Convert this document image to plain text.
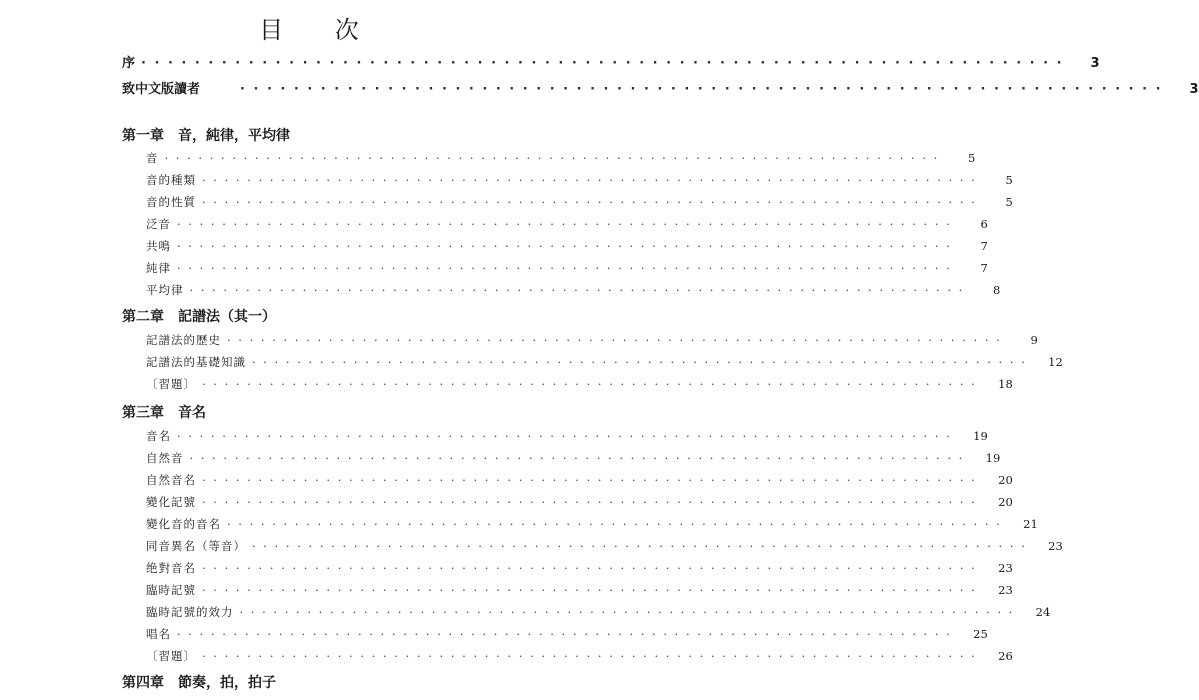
目 次
序 · · · · · · · · · · · · · · · · · · · · · · · · · · · · · · · · · · · · · · · · · · · · · · · · · · · · · · · · · · · · · · · · · · · · ·	3
致中文版讀者	· · · · · · · · · · · · · · · · · · · · · · · · · · · · · · · · · · · · · · · · · · · · · · · · · · · · · · · · · · · · · · · · · · · · ·	3
第一章　音，純律，平均律
音 · · · · · · · · · · · · · · · · · · · · · · · · · · · · · · · · · · · · · · · · · · · · · · · · · · · · · · · · · · · · · · · · · · · · ·	5
音的種類 · · · · · · · · · · · · · · · · · · · · · · · · · · · · · · · · · · · · · · · · · · · · · · · · · · · · · · · · · · · · · · · · · · · · ·	5
音的性質 · · · · · · · · · · · · · · · · · · · · · · · · · · · · · · · · · · · · · · · · · · · · · · · · · · · · · · · · · · · · · · · · · · · · ·	5
泛音 · · · · · · · · · · · · · · · · · · · · · · · · · · · · · · · · · · · · · · · · · · · · · · · · · · · · · · · · · · · · · · · · · · · · ·	6
共鳴 · · · · · · · · · · · · · · · · · · · · · · · · · · · · · · · · · · · · · · · · · · · · · · · · · · · · · · · · · · · · · · · · · · · · ·	7
純律 · · · · · · · · · · · · · · · · · · · · · · · · · · · · · · · · · · · · · · · · · · · · · · · · · · · · · · · · · · · · · · · · · · · · ·	7
平均律 · · · · · · · · · · · · · · · · · · · · · · · · · · · · · · · · · · · · · · · · · · · · · · · · · · · · · · · · · · · · · · · · · · · · ·	8
第二章　記譜法（其一）
記譜法的歷史 · · · · · · · · · · · · · · · · · · · · · · · · · · · · · · · · · · · · · · · · · · · · · · · · · · · · · · · · · · · · · · · · · · · · ·	9
記譜法的基礎知識 · · · · · · · · · · · · · · · · · · · · · · · · · · · · · · · · · · · · · · · · · · · · · · · · · · · · · · · · · · · · · · · · · · · · ·	12
〔習題〕 · · · · · · · · · · · · · · · · · · · · · · · · · · · · · · · · · · · · · · · · · · · · · · · · · · · · · · · · · · · · · · · · · · · · ·	18
第三章　音名
音名 · · · · · · · · · · · · · · · · · · · · · · · · · · · · · · · · · · · · · · · · · · · · · · · · · · · · · · · · · · · · · · · · · · · · ·	19
自然音 · · · · · · · · · · · · · · · · · · · · · · · · · · · · · · · · · · · · · · · · · · · · · · · · · · · · · · · · · · · · · · · · · · · · ·	19
自然音名 · · · · · · · · · · · · · · · · · · · · · · · · · · · · · · · · · · · · · · · · · · · · · · · · · · · · · · · · · · · · · · · · · · · · ·	20
變化記號 · · · · · · · · · · · · · · · · · · · · · · · · · · · · · · · · · · · · · · · · · · · · · · · · · · · · · · · · · · · · · · · · · · · · ·	20
變化音的音名 · · · · · · · · · · · · · · · · · · · · · · · · · · · · · · · · · · · · · · · · · · · · · · · · · · · · · · · · · · · · · · · · · · · · ·	21
同音異名（等音） · · · · · · · · · · · · · · · · · · · · · · · · · · · · · · · · · · · · · · · · · · · · · · · · · · · · · · · · · · · · · · · · · · · · ·	23
绝對音名 · · · · · · · · · · · · · · · · · · · · · · · · · · · · · · · · · · · · · · · · · · · · · · · · · · · · · · · · · · · · · · · · · · · · ·	23
臨時記號 · · · · · · · · · · · · · · · · · · · · · · · · · · · · · · · · · · · · · · · · · · · · · · · · · · · · · · · · · · · · · · · · · · · · ·	23
臨時記號的效力 · · · · · · · · · · · · · · · · · · · · · · · · · · · · · · · · · · · · · · · · · · · · · · · · · · · · · · · · · · · · · · · · · · · · ·	24
唱名 · · · · · · · · · · · · · · · · · · · · · · · · · · · · · · · · · · · · · · · · · · · · · · · · · · · · · · · · · · · · · · · · · · · · ·	25
〔習題〕 · · · · · · · · · · · · · · · · · · · · · · · · · · · · · · · · · · · · · · · · · · · · · · · · · · · · · · · · · · · · · · · · · · · · ·	26
第四章　節奏，拍，拍子
